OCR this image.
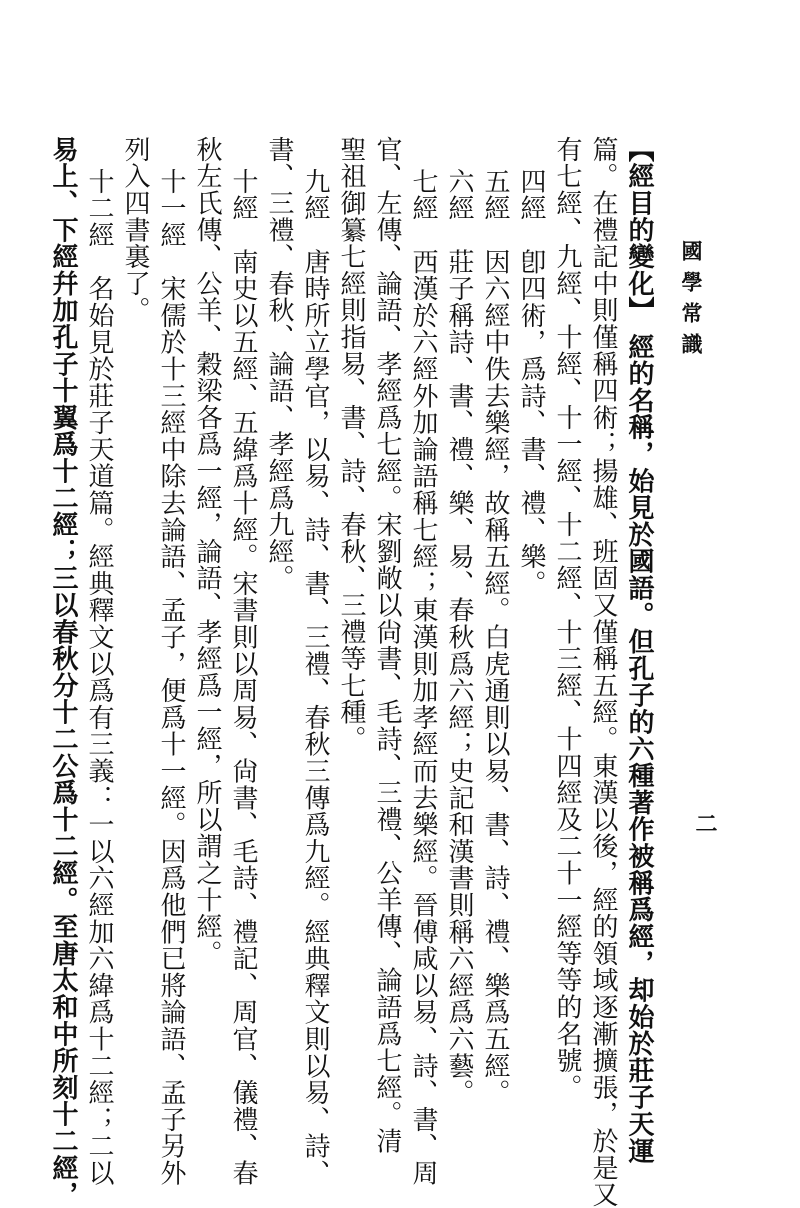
國學常識
二
【經目的變化】 經的名稱，始見於國語。但孔子的六種著作被稱爲經，却始於莊子天運
篇。在禮記中則僅稱四術；揚雄、班固又僅稱五經。東漢以後，經的領域逐漸擴張，於是又
有七經、九經、十經、十一經、十二經、十三經、十四經及二十一經等等的名號。
四經　卽四術，爲詩、書、禮、樂。
五經　因六經中佚去樂經，故稱五經。白虎通則以易、書、詩、禮、樂爲五經。
六經　莊子稱詩、書、禮、樂、易、春秋爲六經；史記和漢書則稱六經爲六藝。
七經　西漢於六經外加論語稱七經；東漢則加孝經而去樂經。晉傅咸以易、詩、書、周
官、左傳、論語、孝經爲七經。宋劉敞以尙書、毛詩、三禮、公羊傳、論語爲七經。清
聖祖御纂七經則指易、書、詩、春秋、三禮等七種。
九經　唐時所立學官，以易、詩、書、三禮、春秋三傳爲九經。經典釋文則以易、詩、
書、三禮、春秋、論語、孝經爲九經。
十經　南史以五經、五緯爲十經。宋書則以周易、尙書、毛詩、禮記、周官、儀禮、春
秋左氏傳、公羊、穀梁各爲一經，論語、孝經爲一經，所以謂之十經。
十一經　宋儒於十三經中除去論語、孟子，便爲十一經。因爲他們已將論語、孟子另外
列入四書裏了。
十二經　名始見於莊子天道篇。經典釋文以爲有三義：一以六經加六緯爲十二經；二以
易上、下經幷加孔子十翼爲十二經；三以春秋分十二公爲十二經。至唐太和中所刻十二經，
